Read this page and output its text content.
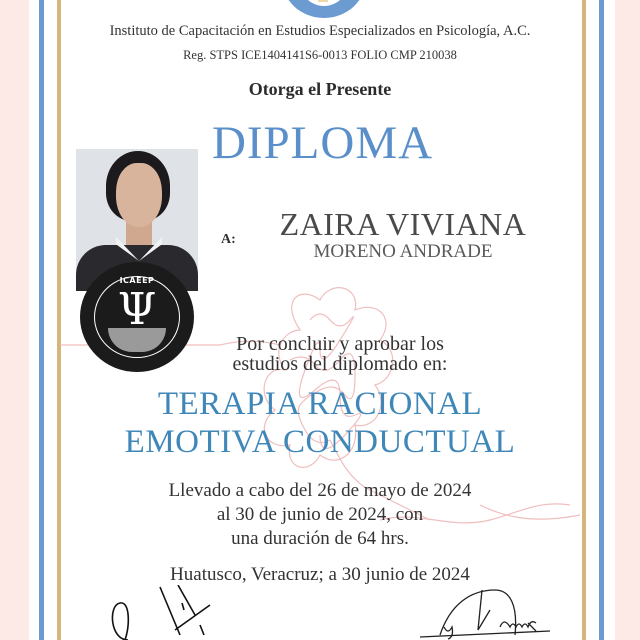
Instituto de Capacitación en Estudios Especializados en Psicología, A.C.
Reg. STPS ICE1404141S6-0013 FOLIO CMP 210038
Otorga el Presente
DIPLOMA
ICAEEP
Ψ
A:	ZAIRA VIVIANA
MORENO ANDRADE
Por concluir y aprobar los
estudios del diplomado en:
TERAPIA RACIONAL
EMOTIVA CONDUCTUAL
Llevado a cabo del 26 de mayo de 2024
al 30 de junio de 2024, con
una duración de 64 hrs.
Huatusco, Veracruz; a 30 junio de 2024
